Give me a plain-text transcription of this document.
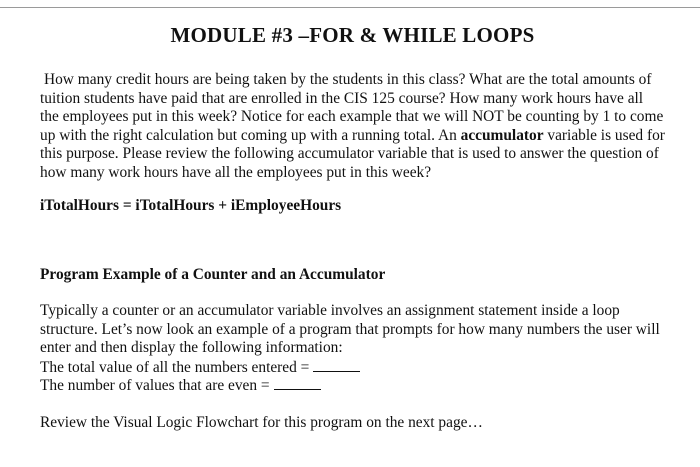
MODULE #3 –FOR & WHILE LOOPS

How many credit hours are being taken by the students in this class? What are the total amounts of tuition students have paid that are enrolled in the CIS 125 course? How many work hours have all the employees put in this week? Notice for each example that we will NOT be counting by 1 to come up with the right calculation but coming up with a running total. An accumulator variable is used for this purpose. Please review the following accumulator variable that is used to answer the question of how many work hours have all the employees put in this week?

iTotalHours = iTotalHours + iEmployeeHours

Program Example of a Counter and an Accumulator

Typically a counter or an accumulator variable involves an assignment statement inside a loop structure. Let’s now look an example of a program that prompts for how many numbers the user will enter and then display the following information:

The total value of all the numbers entered =

The number of values that are even =

Review the Visual Logic Flowchart for this program on the next page…
